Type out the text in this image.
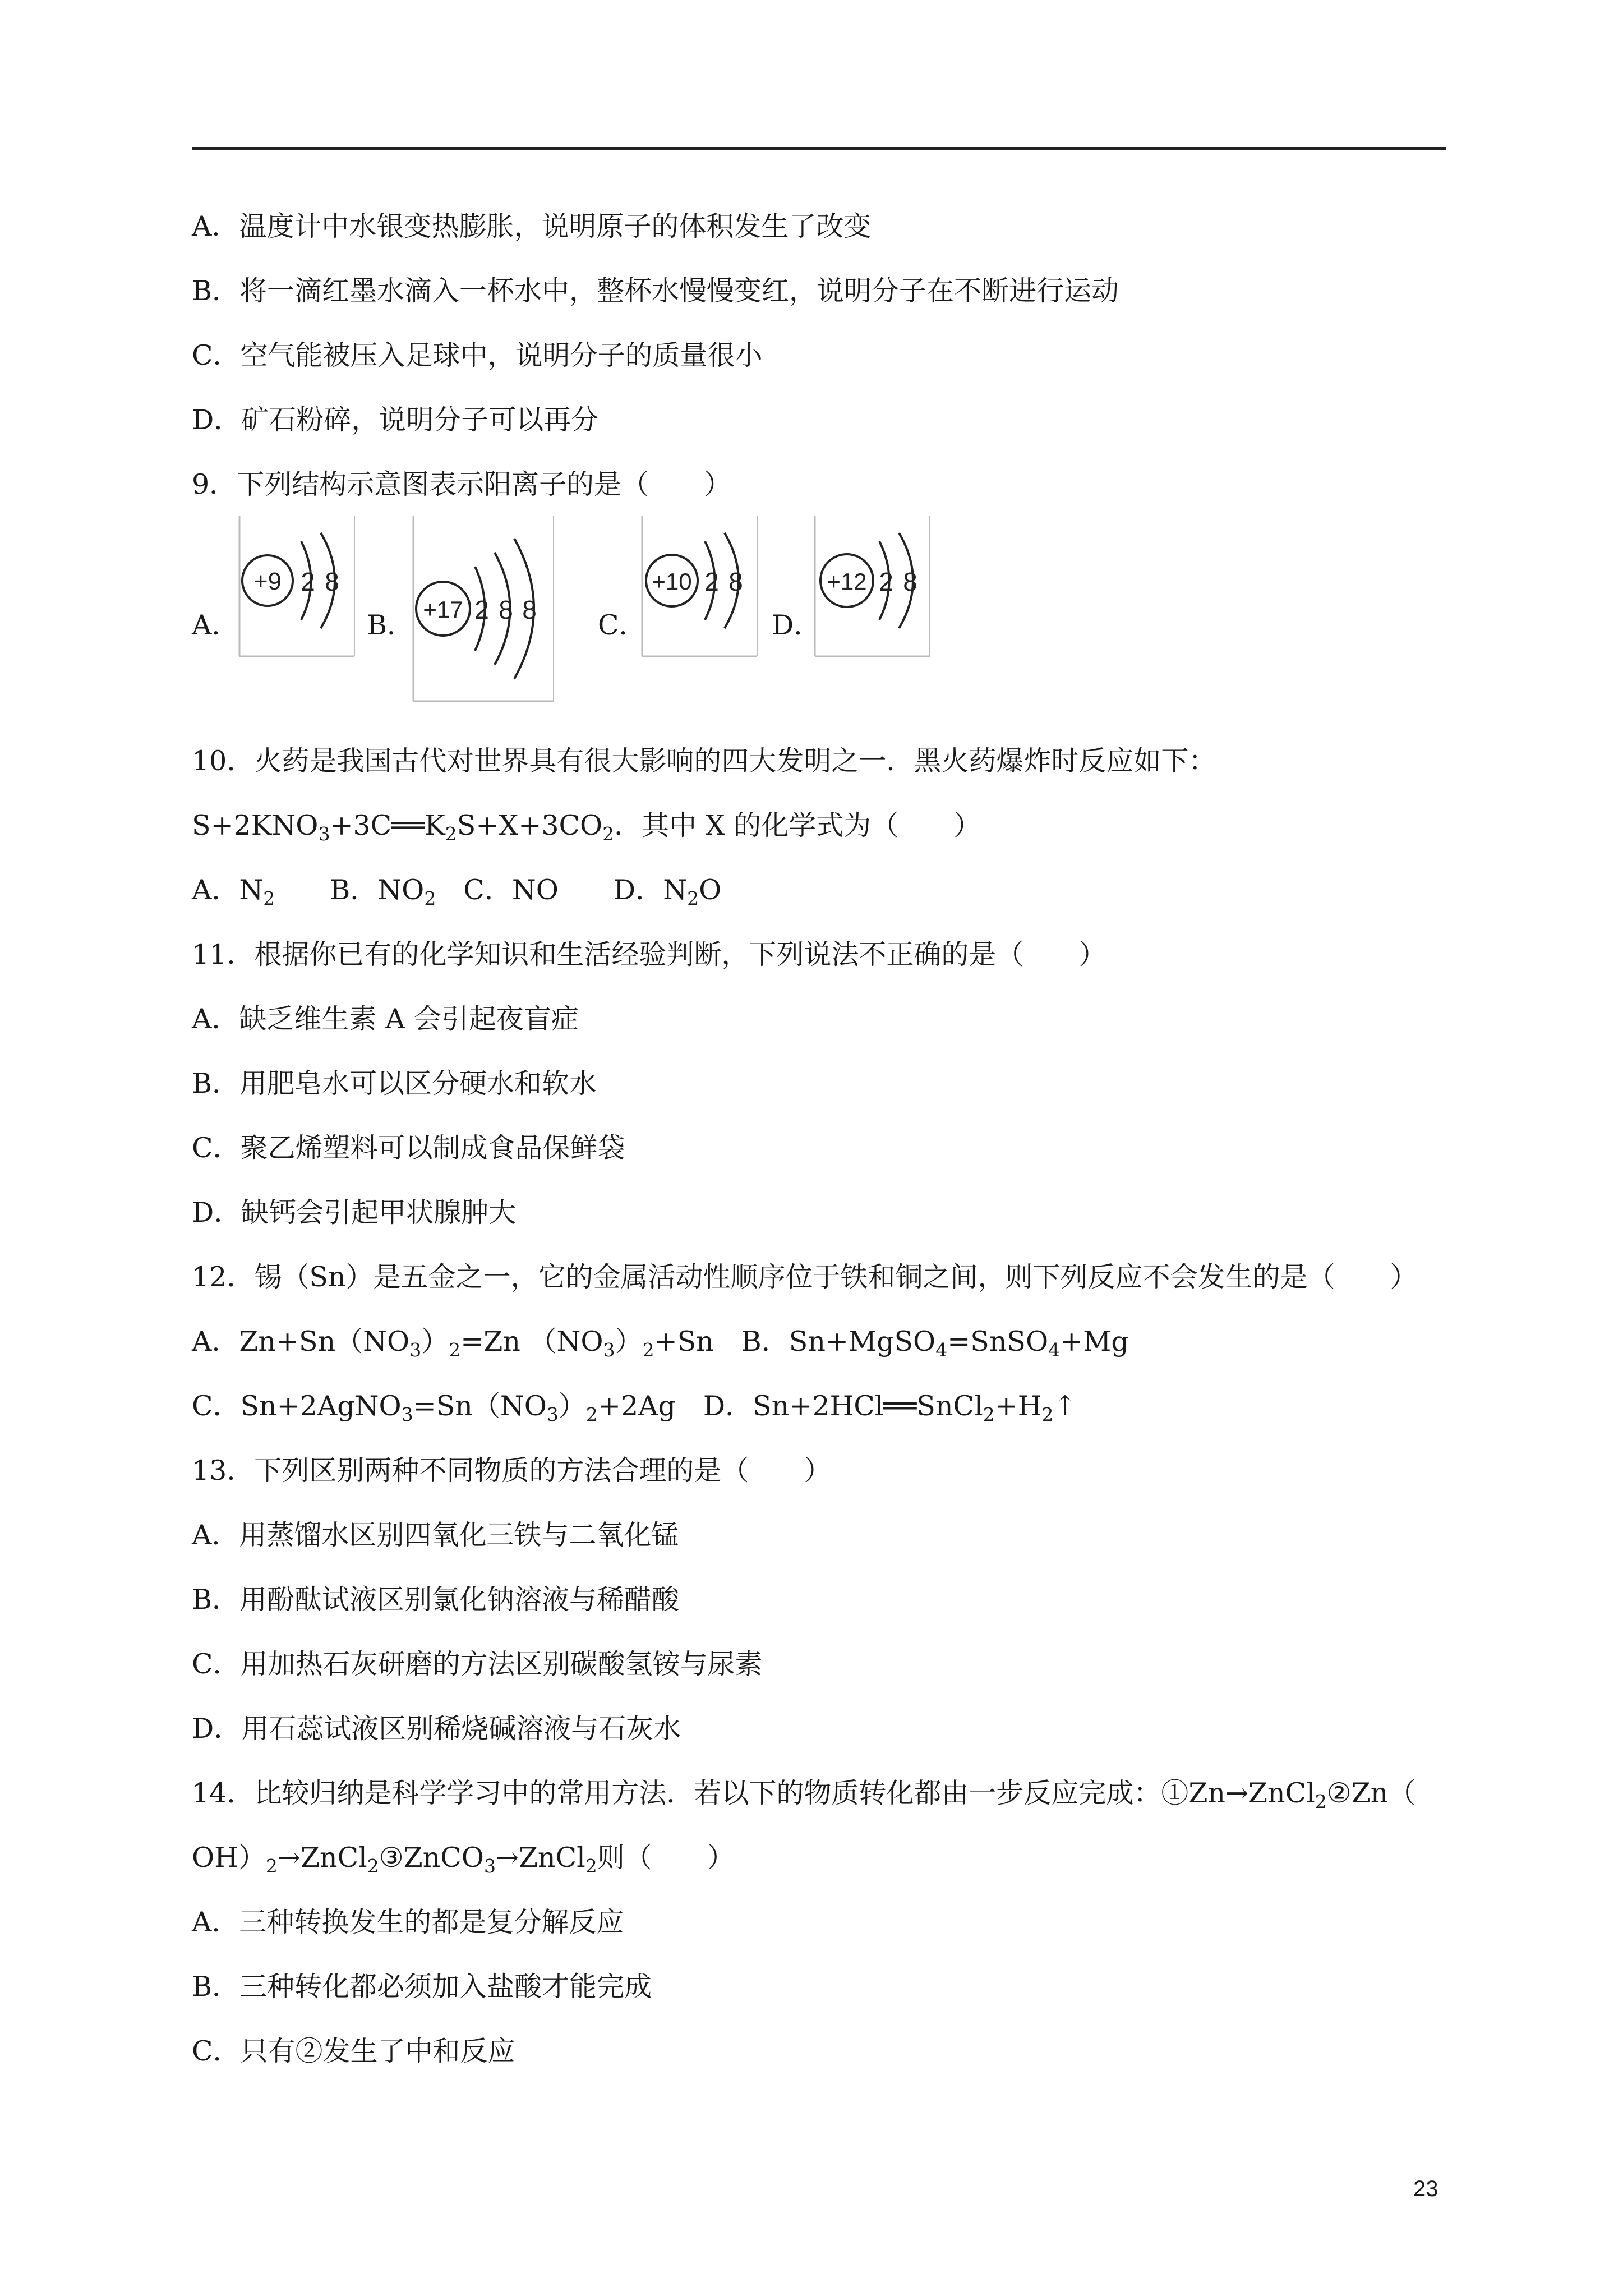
A．温度计中水银变热膨胀，说明原子的体积发生了改变
B．将一滴红墨水滴入一杯水中，整杯水慢慢变红，说明分子在不断进行运动
C．空气能被压入足球中，说明分子的质量很小
D．矿石粉碎，说明分子可以再分
9．下列结构示意图表示阳离子的是（　　）
A．	B．	C．	D．
+9 2 8
+17 2 8 8
+10 2 8	+12 2 8
10．火药是我国古代对世界具有很大影响的四大发明之一．黑火药爆炸时反应如下：
$S+2KNO_3+3C══K_2S+X+3CO_2$．其中 X 的化学式为（　　）
A．$N_2$　　 B．$NO_2$　 C．NO　　 D．$N_2O$
11．根据你已有的化学知识和生活经验判断，下列说法不正确的是（　　）
A．缺乏维生素 A 会引起夜盲症
B．用肥皂水可以区分硬水和软水
C．聚乙烯塑料可以制成食品保鲜袋
D．缺钙会引起甲状腺肿大
12．锡（Sn）是五金之一，它的金属活动性顺序位于铁和铜之间，则下列反应不会发生的是（　　）
A．$Zn+Sn(NO_3)_2=Zn$ $(NO_3)_2+Sn$　B．Sn+MgSO$_4$=SnSO$_4$+Mg
C．$Sn+2AgNO_3=Sn(NO_3)_2+2Ag$　D．$Sn+2HCl══SnCl_2+H_2↑$
13．下列区别两种不同物质的方法合理的是（　　）
A．用蒸馏水区别四氧化三铁与二氧化锰
B．用酚酞试液区别氯化钠溶液与稀醋酸
C．用加热石灰研磨的方法区别碳酸氢铵与尿素
D．用石蕊试液区别稀烧碱溶液与石灰水
14．比较归纳是科学学习中的常用方法．若以下的物质转化都由一步反应完成：①Zn→ZnCl$_2$②Zn（
$OH)_2\to ZnCl_2③ZnCO_3\to ZnCl_2$则（　　）
A．三种转换发生的都是复分解反应
B．三种转化都必须加入盐酸才能完成
C．只有②发生了中和反应
23
